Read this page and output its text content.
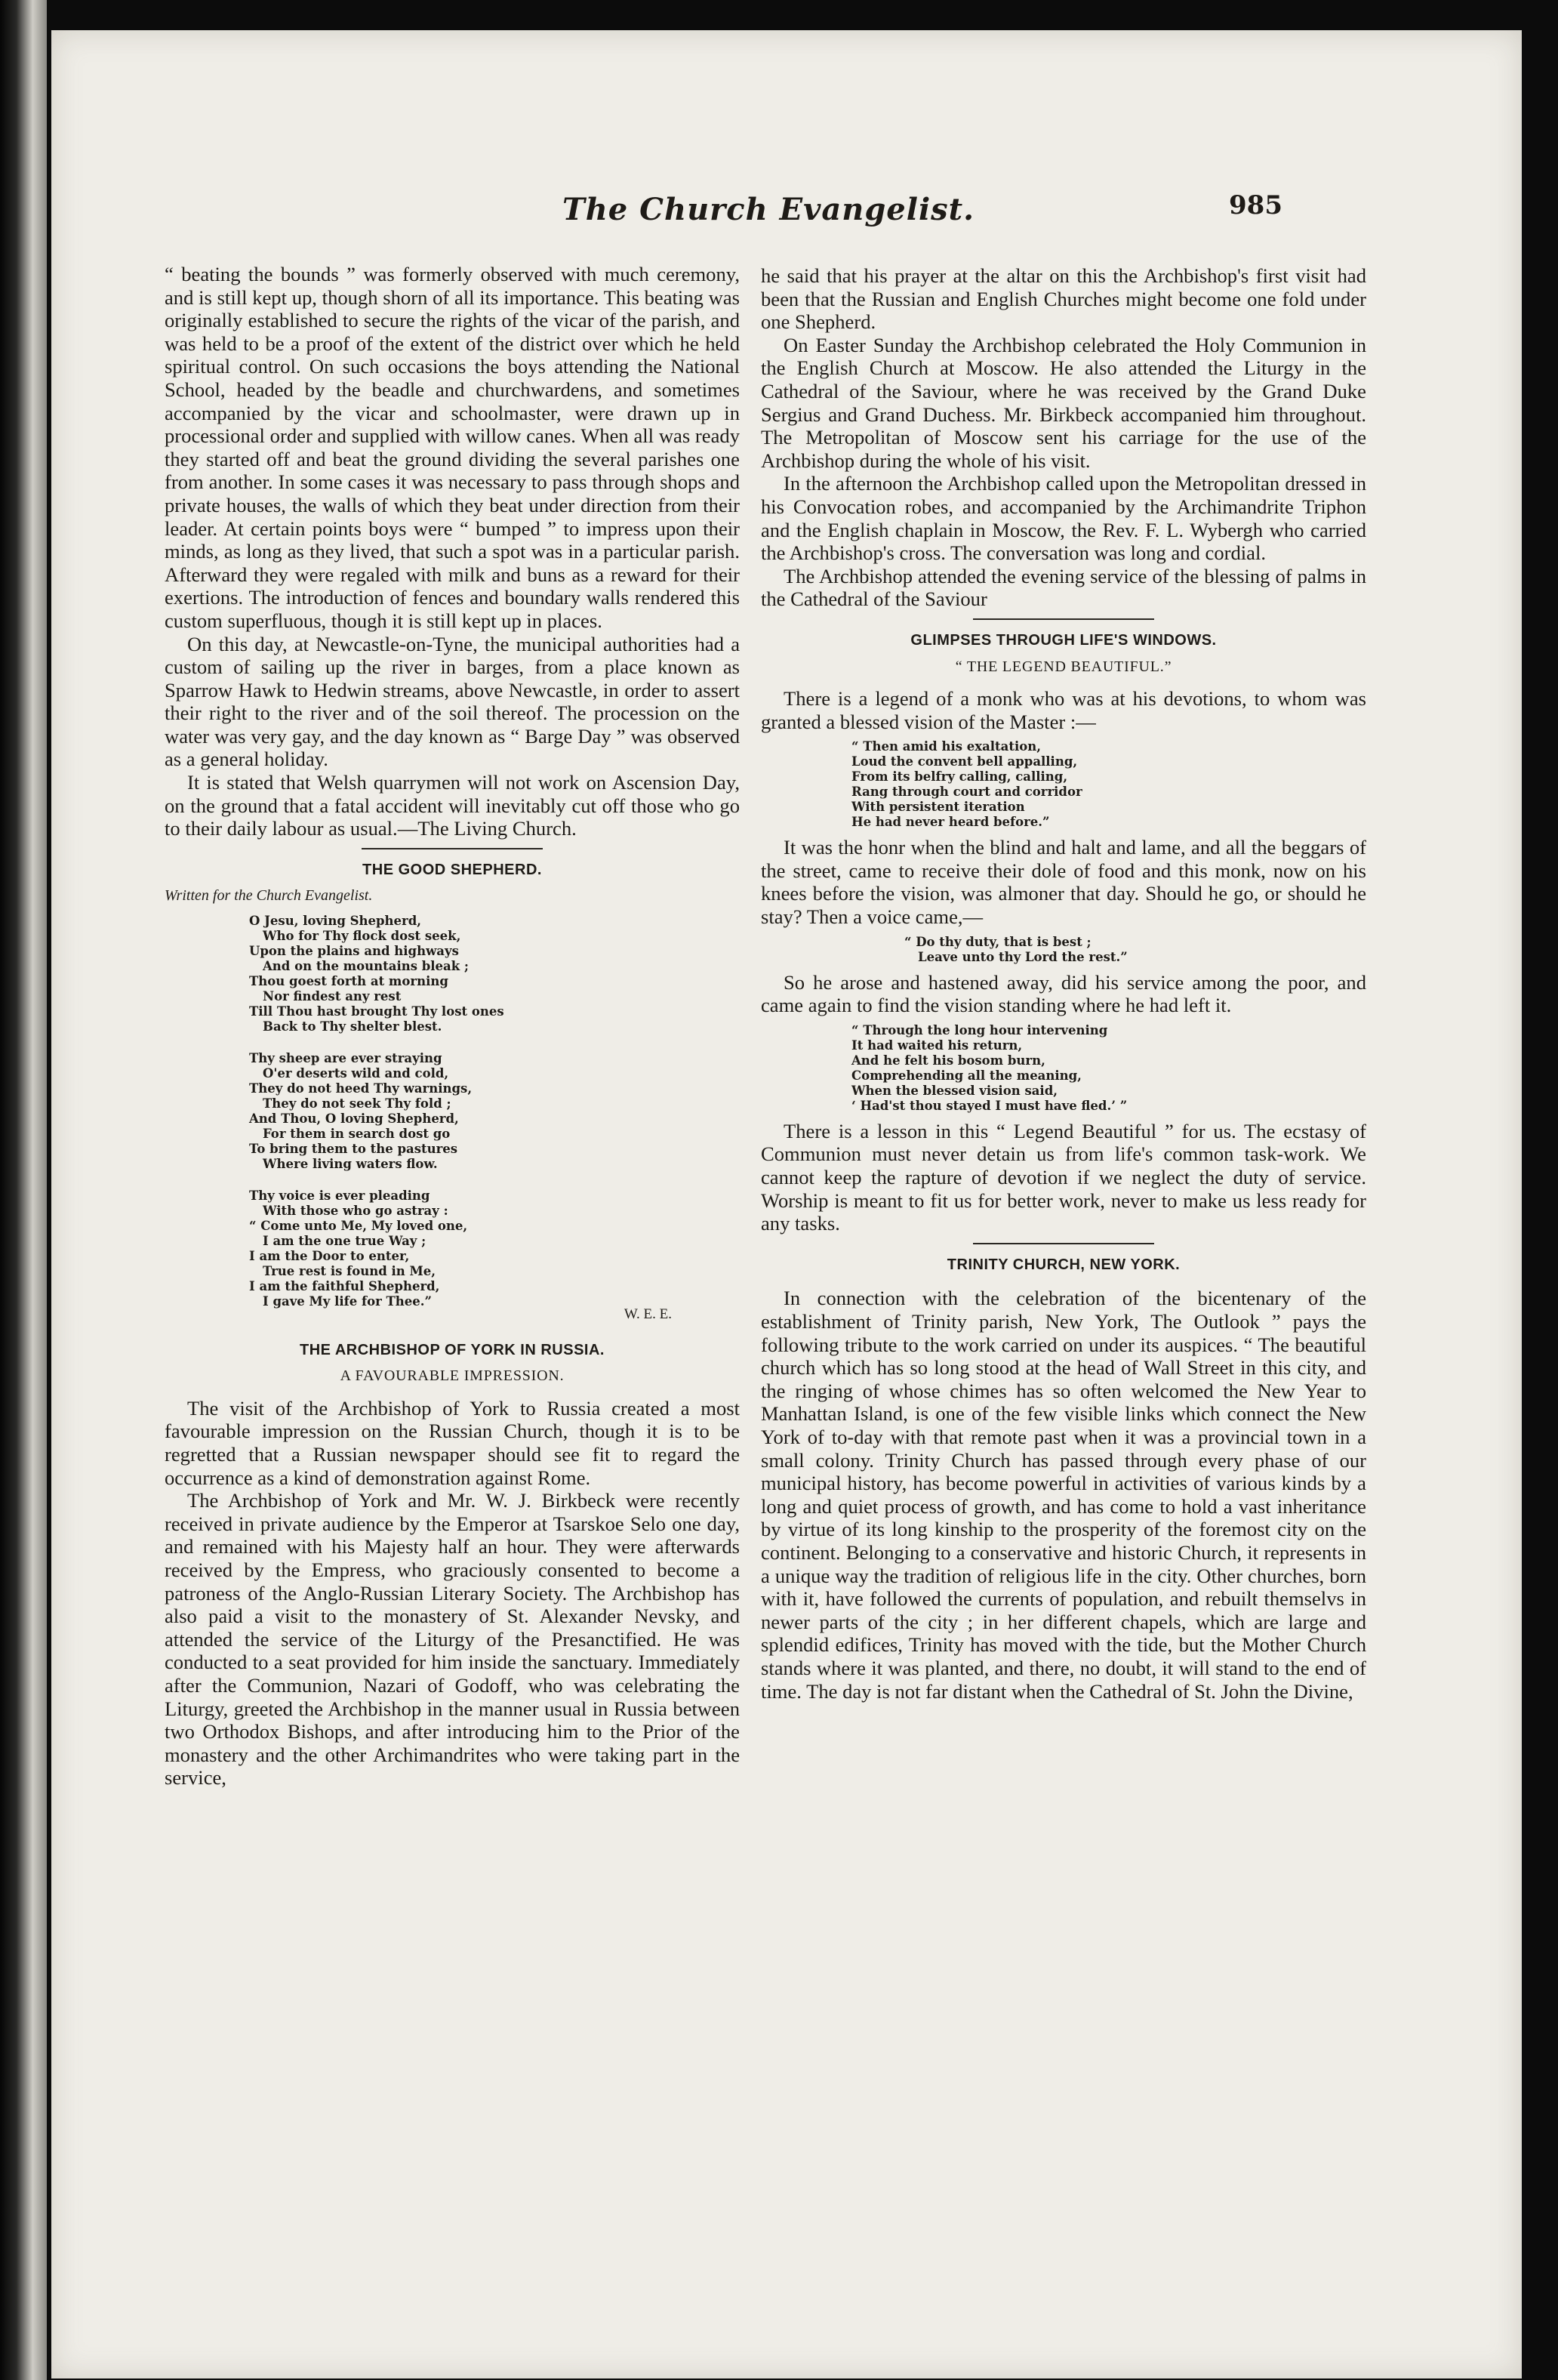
The Church Evangelist.	985

“ beating the bounds ” was formerly observed with much ceremony, and is still kept up, though shorn of all its importance. This beating was originally established to secure the rights of the vicar of the parish, and was held to be a proof of the extent of the district over which he held spiritual control. On such occasions the boys attending the National School, headed by the beadle and churchwardens, and sometimes accompanied by the vicar and schoolmaster, were drawn up in processional order and supplied with willow canes. When all was ready they started off and beat the ground dividing the several parishes one from another. In some cases it was necessary to pass through shops and private houses, the walls of which they beat under direction from their leader. At certain points boys were “ bumped ” to impress upon their minds, as long as they lived, that such a spot was in a particular parish. Afterward they were regaled with milk and buns as a reward for their exertions. The introduction of fences and boundary walls rendered this custom superfluous, though it is still kept up in places.

On this day, at Newcastle-on-Tyne, the municipal authorities had a custom of sailing up the river in barges, from a place known as Sparrow Hawk to Hedwin streams, above Newcastle, in order to assert their right to the river and of the soil thereof. The procession on the water was very gay, and the day known as “ Barge Day ” was observed as a general holiday.

It is stated that Welsh quarrymen will not work on Ascension Day, on the ground that a fatal accident will inevitably cut off those who go to their daily labour as usual.—The Living Church.

THE GOOD SHEPHERD.
Written for the Church Evangelist.
O Jesu, loving Shepherd,
Who for Thy flock dost seek,
Upon the plains and highways
And on the mountains bleak ;
Thou goest forth at morning
Nor findest any rest
Till Thou hast brought Thy lost ones
Back to Thy shelter blest.
Thy sheep are ever straying
O'er deserts wild and cold,
They do not heed Thy warnings,
They do not seek Thy fold ;
And Thou, O loving Shepherd,
For them in search dost go
To bring them to the pastures
Where living waters flow.
Thy voice is ever pleading
With those who go astray :
“ Come unto Me, My loved one,
I am the one true Way ;
I am the Door to enter,
True rest is found in Me,
I am the faithful Shepherd,
I gave My life for Thee.”
W. E. E.
THE ARCHBISHOP OF YORK IN RUSSIA.
A FAVOURABLE IMPRESSION.

The visit of the Archbishop of York to Russia created a most favourable impression on the Russian Church, though it is to be regretted that a Russian newspaper should see fit to regard the occurrence as a kind of demonstration against Rome.

The Archbishop of York and Mr. W. J. Birkbeck were recently received in private audience by the Emperor at Tsarskoe Selo one day, and remained with his Majesty half an hour. They were afterwards received by the Empress, who graciously consented to become a patroness of the Anglo-Russian Literary Society. The Archbishop has also paid a visit to the monastery of St. Alexander Nevsky, and attended the service of the Liturgy of the Presanctified. He was conducted to a seat provided for him inside the sanctuary. Immediately after the Communion, Nazari of Godoff, who was celebrating the Liturgy, greeted the Archbishop in the manner usual in Russia between two Orthodox Bishops, and after introducing him to the Prior of the monastery and the other Archimandrites who were taking part in the service,

he said that his prayer at the altar on this the Archbishop's first visit had been that the Russian and English Churches might become one fold under one Shepherd.

On Easter Sunday the Archbishop celebrated the Holy Communion in the English Church at Moscow. He also attended the Liturgy in the Cathedral of the Saviour, where he was received by the Grand Duke Sergius and Grand Duchess. Mr. Birkbeck accompanied him throughout. The Metropolitan of Moscow sent his carriage for the use of the Archbishop during the whole of his visit.

In the afternoon the Archbishop called upon the Metropolitan dressed in his Convocation robes, and accompanied by the Archimandrite Triphon and the English chaplain in Moscow, the Rev. F. L. Wybergh who carried the Archbishop's cross. The conversation was long and cordial.

The Archbishop attended the evening service of the blessing of palms in the Cathedral of the Saviour

GLIMPSES THROUGH LIFE'S WINDOWS.
“ THE LEGEND BEAUTIFUL.”

There is a legend of a monk who was at his devotions, to whom was granted a blessed vision of the Master :—

“ Then amid his exaltation,
Loud the convent bell appalling,
From its belfry calling, calling,
Rang through court and corridor
With persistent iteration
He had never heard before.”

It was the honr when the blind and halt and lame, and all the beggars of the street, came to receive their dole of food and this monk, now on his knees before the vision, was almoner that day. Should he go, or should he stay? Then a voice came,—

“ Do thy duty, that is best ;
Leave unto thy Lord the rest.”

So he arose and hastened away, did his service among the poor, and came again to find the vision standing where he had left it.

“ Through the long hour intervening
It had waited his return,
And he felt his bosom burn,
Comprehending all the meaning,
When the blessed vision said,
‘ Had'st thou stayed I must have fled.’ ”

There is a lesson in this “ Legend Beautiful ” for us. The ecstasy of Communion must never detain us from life's common task-work. We cannot keep the rapture of devotion if we neglect the duty of service. Worship is meant to fit us for better work, never to make us less ready for any tasks.

TRINITY CHURCH, NEW YORK.

In connection with the celebration of the bicentenary of the establishment of Trinity parish, New York, The Outlook ” pays the following tribute to the work carried on under its auspices. “ The beautiful church which has so long stood at the head of Wall Street in this city, and the ringing of whose chimes has so often welcomed the New Year to Manhattan Island, is one of the few visible links which connect the New York of to-day with that remote past when it was a provincial town in a small colony. Trinity Church has passed through every phase of our municipal history, has become powerful in activities of various kinds by a long and quiet process of growth, and has come to hold a vast inheritance by virtue of its long kinship to the prosperity of the foremost city on the continent. Belonging to a conservative and historic Church, it represents in a unique way the tradition of religious life in the city. Other churches, born with it, have followed the currents of population, and rebuilt themselvs in newer parts of the city ; in her different chapels, which are large and splendid edifices, Trinity has moved with the tide, but the Mother Church stands where it was planted, and there, no doubt, it will stand to the end of time. The day is not far distant when the Cathedral of St. John the Divine,
